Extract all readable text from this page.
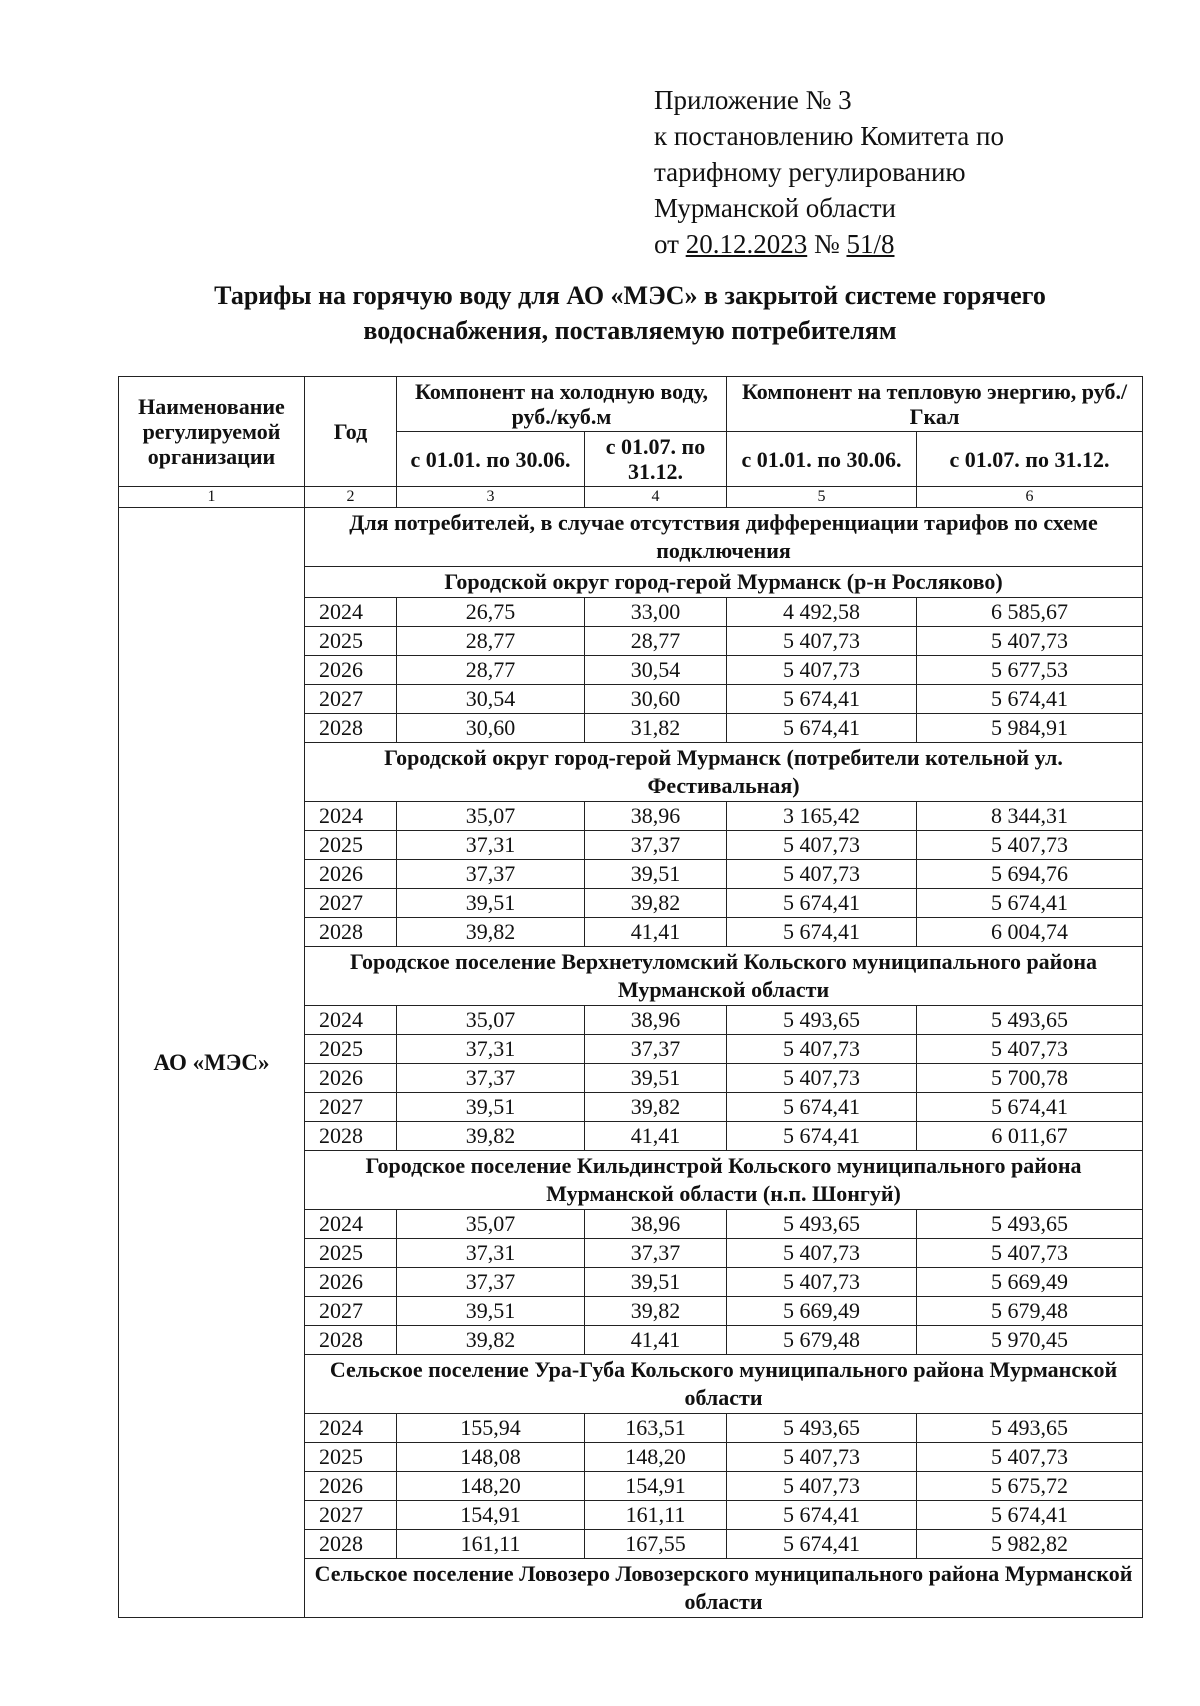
Приложение № 3
к постановлению Комитета по
тарифному регулированию
Мурманской области
от 20.12.2023 № 51/8
Тарифы на горячую воду для АО «МЭС» в закрытой системе горячего
водоснабжения, поставляемую потребителям
Наименование регулируемой организации	Год	Компонент на холодную воду, руб./куб.м		Компонент на тепловую энергию, руб./Гкал	
		с 01.01. по 30.06.	с 01.07. по 31.12.	с 01.01. по 30.06.	с 01.07. по 31.12.
1	2	3	4	5	6
АО «МЭС»	Для потребителей, в случае отсутствия дифференциации тарифов по схеме подключения				
	Городской округ город-герой Мурманск (р-н Росляково)				
	2024	26,75	33,00	4 492,58	6 585,67
	2025	28,77	28,77	5 407,73	5 407,73
	2026	28,77	30,54	5 407,73	5 677,53
	2027	30,54	30,60	5 674,41	5 674,41
	2028	30,60	31,82	5 674,41	5 984,91
	Городской округ город-герой Мурманск (потребители котельной ул. Фестивальная)				
	2024	35,07	38,96	3 165,42	8 344,31
	2025	37,31	37,37	5 407,73	5 407,73
	2026	37,37	39,51	5 407,73	5 694,76
	2027	39,51	39,82	5 674,41	5 674,41
	2028	39,82	41,41	5 674,41	6 004,74
	Городское поселение Верхнетуломский Кольского муниципального района Мурманской области				
	2024	35,07	38,96	5 493,65	5 493,65
	2025	37,31	37,37	5 407,73	5 407,73
	2026	37,37	39,51	5 407,73	5 700,78
	2027	39,51	39,82	5 674,41	5 674,41
	2028	39,82	41,41	5 674,41	6 011,67
	Городское поселение Кильдинстрой Кольского муниципального района Мурманской области (н.п. Шонгуй)				
	2024	35,07	38,96	5 493,65	5 493,65
	2025	37,31	37,37	5 407,73	5 407,73
	2026	37,37	39,51	5 407,73	5 669,49
	2027	39,51	39,82	5 669,49	5 679,48
	2028	39,82	41,41	5 679,48	5 970,45
	Сельское поселение Ура-Губа Кольского муниципального района Мурманской области				
	2024	155,94	163,51	5 493,65	5 493,65
	2025	148,08	148,20	5 407,73	5 407,73
	2026	148,20	154,91	5 407,73	5 675,72
	2027	154,91	161,11	5 674,41	5 674,41
	2028	161,11	167,55	5 674,41	5 982,82
	Сельское поселение Ловозеро Ловозерского муниципального района Мурманской области				
